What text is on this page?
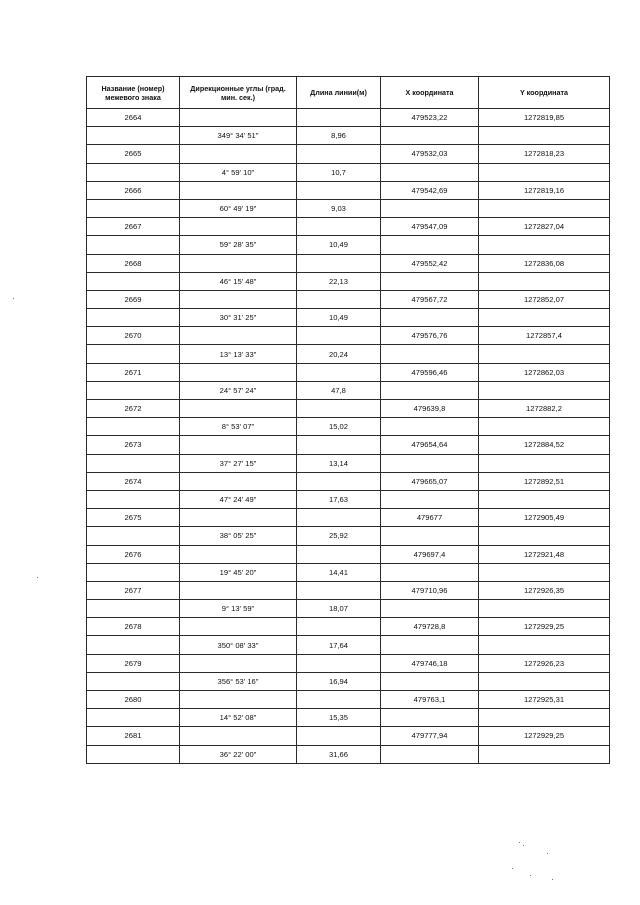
Название (номер) межевого знака	Дирекционные углы (град. мин. сек.)	Длина линии(м)	X координата	Y координата
2664			479523,22	1272819,85
	349° 34' 51"	8,96		
2665			479532,03	1272818,23
	4° 59' 10"	10,7		
2666			479542,69	1272819,16
	60° 49' 19"	9,03		
2667			479547,09	1272827,04
	59° 28' 35"	10,49		
2668			479552,42	1272836,08
	46° 15' 48"	22,13		
2669			479567,72	1272852,07
	30° 31' 25"	10,49		
2670			479576,76	1272857,4
	13° 13' 33"	20,24		
2671			479596,46	1272862,03
	24° 57' 24"	47,8		
2672			479639,8	1272882,2
	8° 53' 07"	15,02		
2673			479654,64	1272884,52
	37° 27' 15"	13,14		
2674			479665,07	1272892,51
	47° 24' 49"	17,63		
2675			479677	1272905,49
	38° 05' 25"	25,92		
2676			479697,4	1272921,48
	19° 45' 20"	14,41		
2677			479710,96	1272926,35
	9° 13' 59"	18,07		
2678			479728,8	1272929,25
	350° 08' 33"	17,64		
2679			479746,18	1272926,23
	356° 53' 16"	16,94		
2680			479763,1	1272925,31
	14° 52' 08"	15,35		
2681			479777,94	1272929,25
	36° 22' 00"	31,66		
